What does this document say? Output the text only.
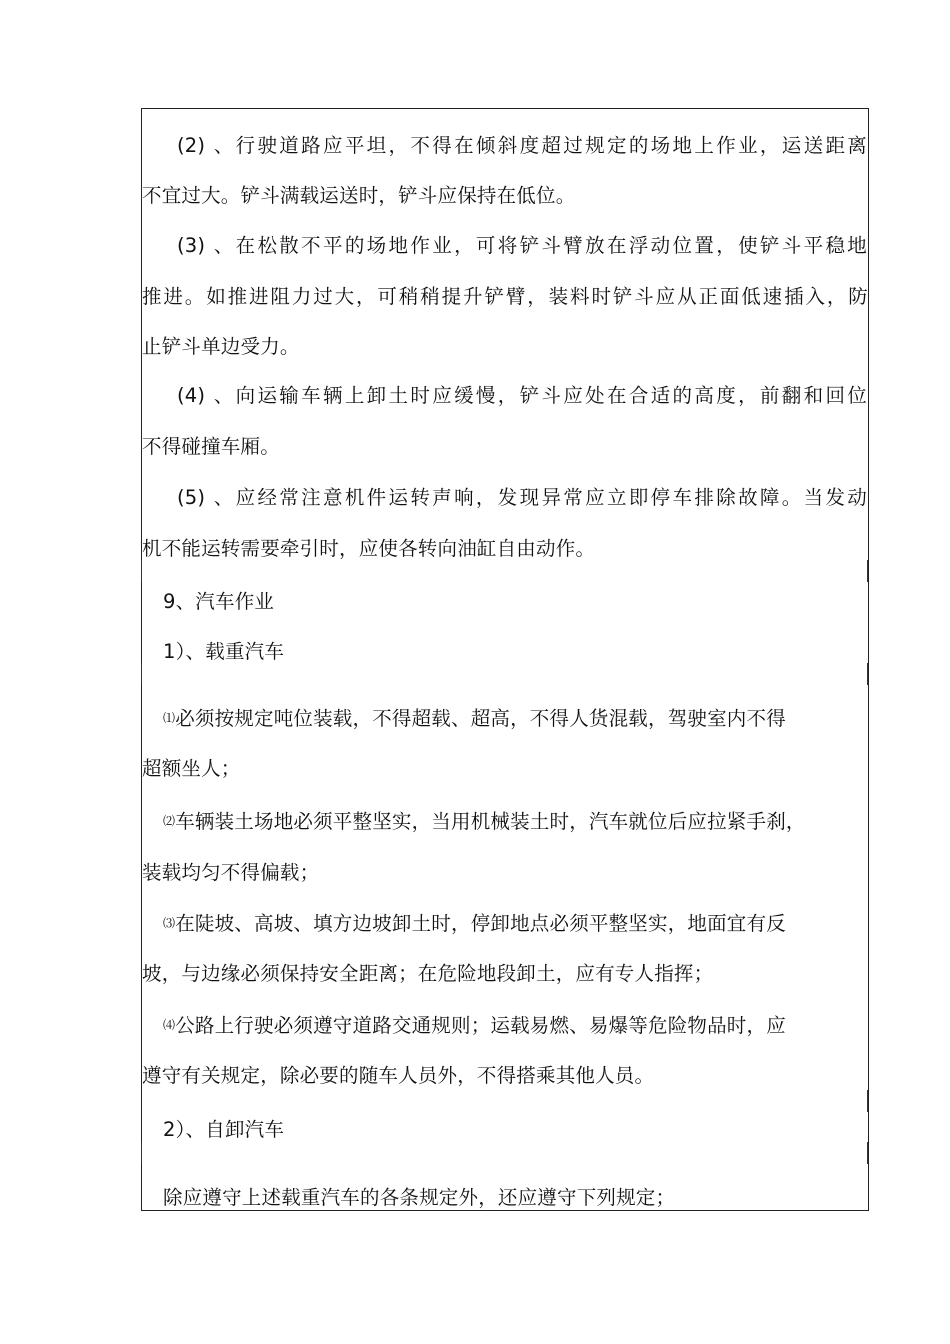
(2) 、行驶道路应平坦，不得在倾斜度超过规定的场地上作业，运送距离
不宜过大。铲斗满载运送时，铲斗应保持在低位。
(3) 、在松散不平的场地作业，可将铲斗臂放在浮动位置，使铲斗平稳地
推进。如推进阻力过大，可稍稍提升铲臂，装料时铲斗应从正面低速插入，防
止铲斗单边受力。
(4) 、向运输车辆上卸土时应缓慢，铲斗应处在合适的高度，前翻和回位
不得碰撞车厢。
(5) 、应经常注意机件运转声响，发现异常应立即停车排除故障。当发动
机不能运转需要牵引时，应使各转向油缸自由动作。
9、汽车作业
1）、载重汽车
⑴必须按规定吨位装载，不得超载、超高，不得人货混载，驾驶室内不得
超额坐人；
⑵车辆装土场地必须平整坚实，当用机械装土时，汽车就位后应拉紧手刹，
装载均匀不得偏载；
⑶在陡坡、高坡、填方边坡卸土时，停卸地点必须平整坚实，地面宜有反
坡，与边缘必须保持安全距离；在危险地段卸土，应有专人指挥；
⑷公路上行驶必须遵守道路交通规则；运载易燃、易爆等危险物品时，应
遵守有关规定，除必要的随车人员外，不得搭乘其他人员。
2）、自卸汽车
除应遵守上述载重汽车的各条规定外，还应遵守下列规定；
